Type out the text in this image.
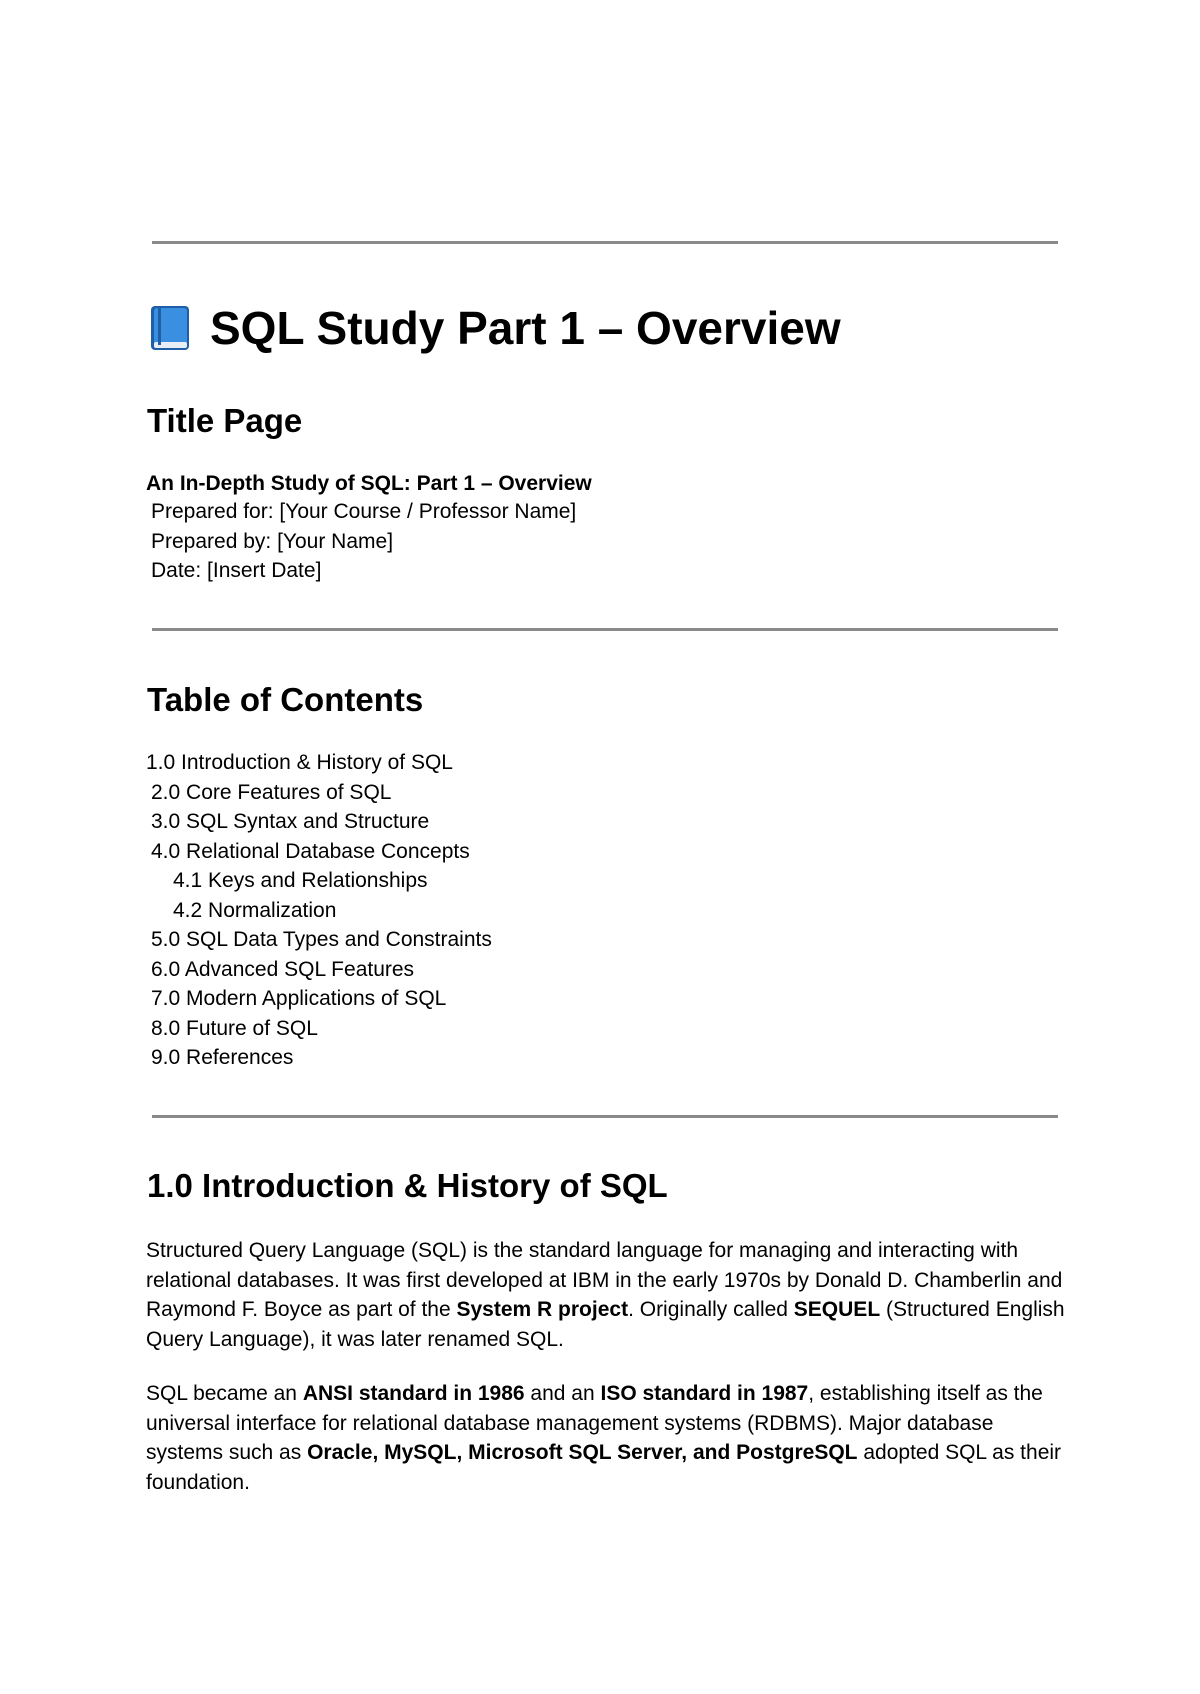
SQL Study Part 1 – Overview
Title Page
An In-Depth Study of SQL: Part 1 – Overview
Prepared for: [Your Course / Professor Name]
Prepared by: [Your Name]
Date: [Insert Date]
Table of Contents
1.0 Introduction & History of SQL
2.0 Core Features of SQL
3.0 SQL Syntax and Structure
4.0 Relational Database Concepts
4.1 Keys and Relationships
4.2 Normalization
5.0 SQL Data Types and Constraints
6.0 Advanced SQL Features
7.0 Modern Applications of SQL
8.0 Future of SQL
9.0 References
1.0 Introduction & History of SQL

Structured Query Language (SQL) is the standard language for managing and interacting with relational databases. It was first developed at IBM in the early 1970s by Donald D. Chamberlin and Raymond F. Boyce as part of the System R project. Originally called SEQUEL (Structured English Query Language), it was later renamed SQL.

SQL became an ANSI standard in 1986 and an ISO standard in 1987, establishing itself as the universal interface for relational database management systems (RDBMS). Major database systems such as Oracle, MySQL, Microsoft SQL Server, and PostgreSQL adopted SQL as their foundation.
